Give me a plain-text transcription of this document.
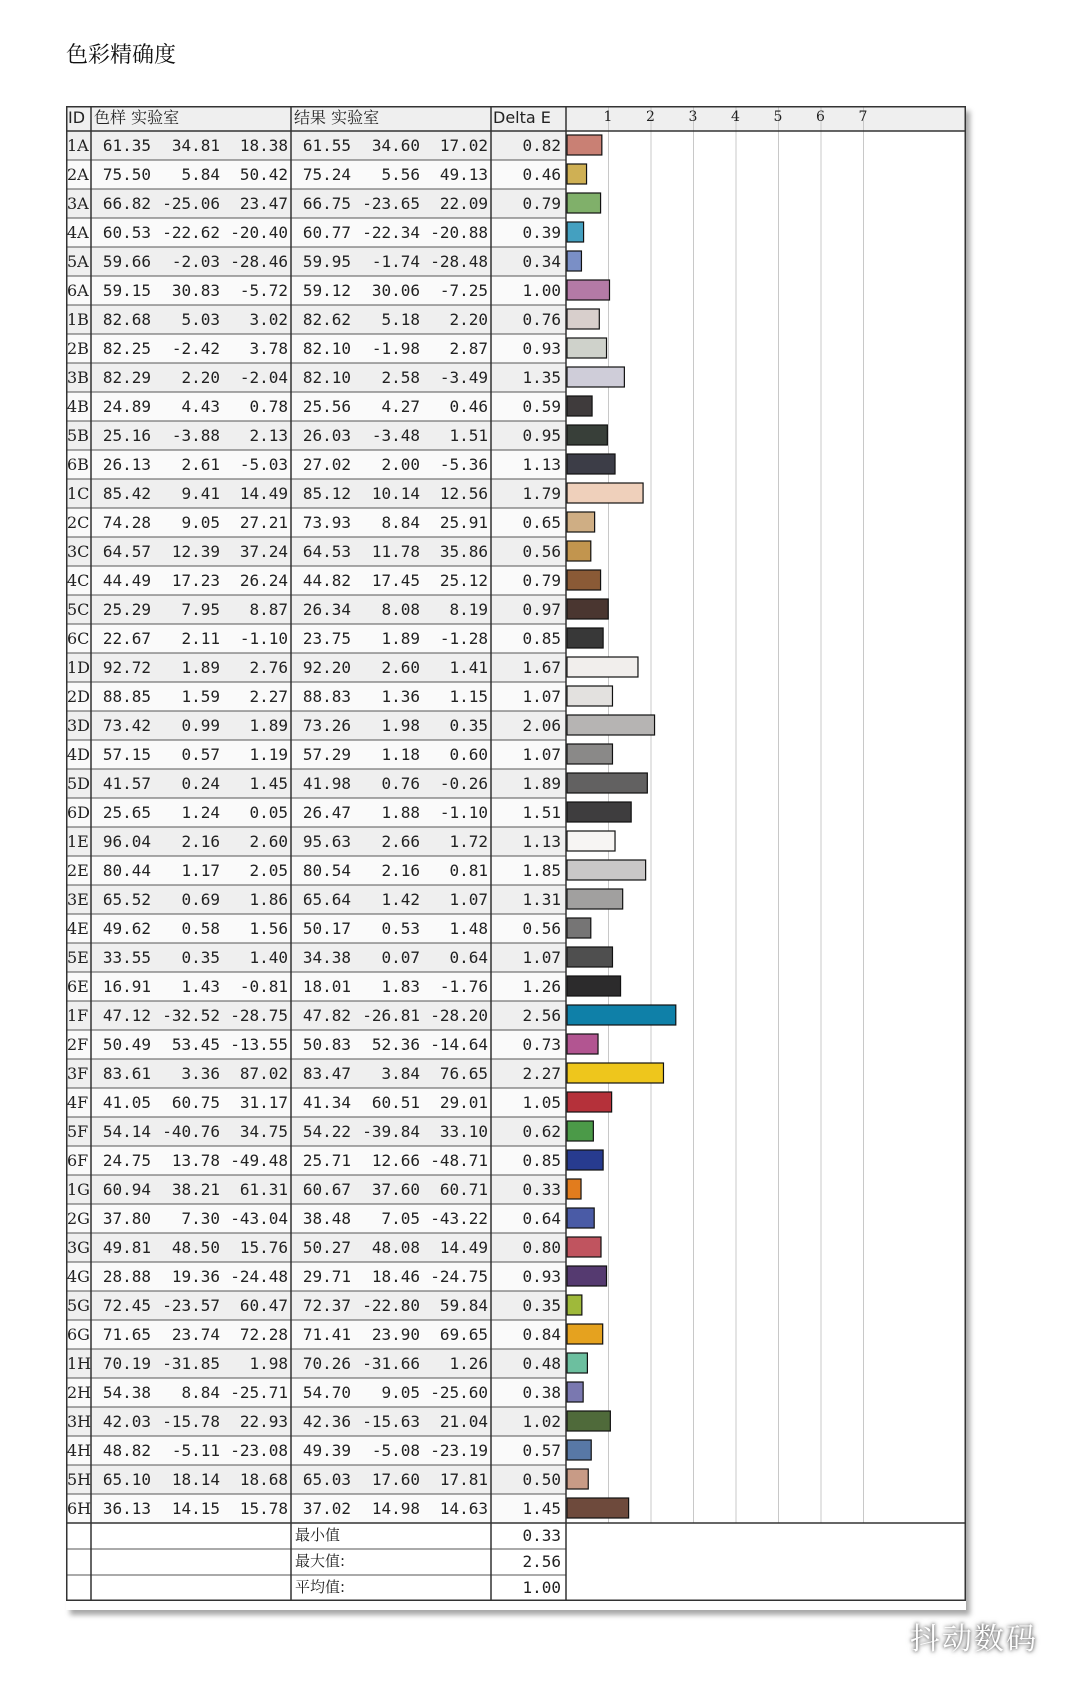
色彩精确度
1	2	3	4	5	6	7
ID 色样 实验室	结果 实验室	Delta E
1A 61.35	34.81	18.38 61.55	34.60	17.02	0.82
2A 75.50	5.84	50.42 75.24	5.56	49.13	0.46
3A 66.82 -25.06	23.47 66.75 -23.65	22.09	0.79
4A 60.53 -22.62 -20.40 60.77 -22.34 -20.88	0.39
5A 59.66	-2.03 -28.46 59.95	-1.74 -28.48	0.34
6A 59.15	30.83	-5.72 59.12	30.06	-7.25	1.00
1B 82.68	5.03	3.02 82.62	5.18	2.20	0.76
2B 82.25	-2.42	3.78 82.10	-1.98	2.87	0.93
3B 82.29	2.20	-2.04 82.10	2.58	-3.49	1.35
4B 24.89	4.43	0.78 25.56	4.27	0.46	0.59
5B 25.16	-3.88	2.13 26.03	-3.48	1.51	0.95
6B 26.13	2.61	-5.03 27.02	2.00	-5.36	1.13
1C 85.42	9.41	14.49 85.12	10.14	12.56	1.79
2C 74.28	9.05	27.21 73.93	8.84	25.91	0.65
3C 64.57	12.39	37.24 64.53	11.78	35.86	0.56
4C 44.49	17.23	26.24 44.82	17.45	25.12	0.79
5C 25.29	7.95	8.87 26.34	8.08	8.19	0.97
6C 22.67	2.11	-1.10 23.75	1.89	-1.28	0.85
1D 92.72	1.89	2.76 92.20	2.60	1.41	1.67
2D 88.85	1.59	2.27 88.83	1.36	1.15	1.07
3D 73.42	0.99	1.89 73.26	1.98	0.35	2.06
4D 57.15	0.57	1.19 57.29	1.18	0.60	1.07
5D 41.57	0.24	1.45 41.98	0.76	-0.26	1.89
6D 25.65	1.24	0.05 26.47	1.88	-1.10	1.51
1E 96.04	2.16	2.60 95.63	2.66	1.72	1.13
2E 80.44	1.17	2.05 80.54	2.16	0.81	1.85
3E 65.52	0.69	1.86 65.64	1.42	1.07	1.31
4E 49.62	0.58	1.56 50.17	0.53	1.48	0.56
5E 33.55	0.35	1.40 34.38	0.07	0.64	1.07
6E 16.91	1.43	-0.81 18.01	1.83	-1.76	1.26
1F 47.12 -32.52 -28.75 47.82 -26.81 -28.20	2.56
2F 50.49	53.45 -13.55 50.83	52.36 -14.64	0.73
3F 83.61	3.36	87.02 83.47	3.84	76.65	2.27
4F 41.05	60.75	31.17 41.34	60.51	29.01	1.05
5F 54.14 -40.76	34.75 54.22 -39.84	33.10	0.62
6F 24.75	13.78 -49.48 25.71	12.66 -48.71	0.85
1G 60.94	38.21	61.31 60.67	37.60	60.71	0.33
2G 37.80	7.30 -43.04 38.48	7.05 -43.22	0.64
3G 49.81	48.50	15.76 50.27	48.08	14.49	0.80
4G 28.88	19.36 -24.48 29.71	18.46 -24.75	0.93
5G 72.45 -23.57	60.47 72.37 -22.80	59.84	0.35
6G 71.65	23.74	72.28 71.41	23.90	69.65	0.84
1H 70.19 -31.85	1.98 70.26 -31.66	1.26	0.48
2H 54.38	8.84 -25.71 54.70	9.05 -25.60	0.38
3H 42.03 -15.78	22.93 42.36 -15.63	21.04	1.02
4H 48.82	-5.11 -23.08 49.39	-5.08 -23.19	0.57
5H 65.10	18.14	18.68 65.03	17.60	17.81	0.50
6H 36.13	14.15	15.78 37.02	14.98	14.63	1.45
最小值	0.33
最大值:	2.56
平均值:	1.00
抖动数码
